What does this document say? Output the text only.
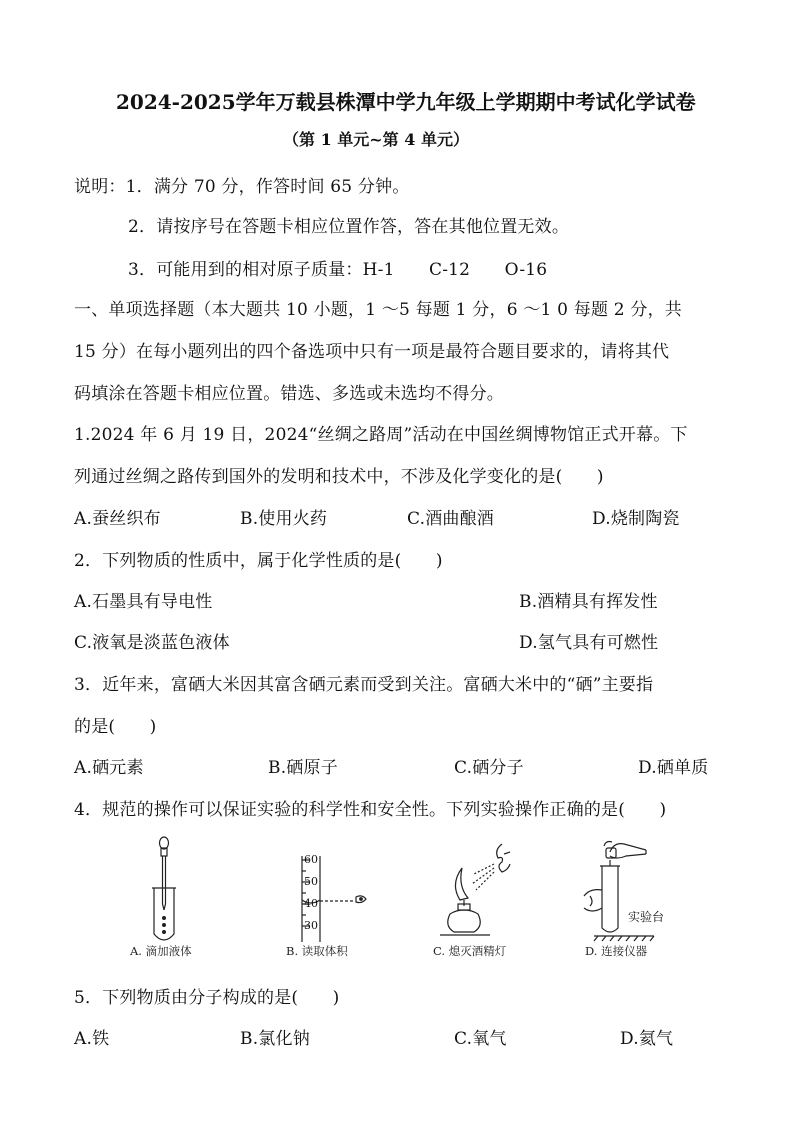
2024-2025学年万载县株潭中学九年级上学期期中考试化学试卷
（第 1 单元~第 4 单元）
说明：1．满分 70 分，作答时间 65 分钟。
2．请按序号在答题卡相应位置作答，答在其他位置无效。
3．可能用到的相对原子质量：H-1　　C-12　　O-16
一、单项选择题（本大题共 10 小题，1 ～5 每题 1 分，6 ～1 0 每题 2 分，共
15 分）在每小题列出的四个备选项中只有一项是最符合题目要求的，请将其代
码填涂在答题卡相应位置。错选、多选或未选均不得分。
1.2024 年 6 月 19 日，2024“丝绸之路周”活动在中国丝绸博物馆正式开幕。下
列通过丝绸之路传到国外的发明和技术中，不涉及化学变化的是(　　)
A.蚕丝织布	B.使用火药	C.酒曲酿酒	D.烧制陶瓷
2．下列物质的性质中，属于化学性质的是(　　)
A.石墨具有导电性	B.酒精具有挥发性
C.液氧是淡蓝色液体	D.氢气具有可燃性
3．近年来，富硒大米因其富含硒元素而受到关注。富硒大米中的“硒”主要指
的是(　　)
A.硒元素	B.硒原子	C.硒分子	D.硒单质
4．规范的操作可以保证实验的科学性和安全性。下列实验操作正确的是(　　)
A. 滴加液体
60
50
40
30
B. 读取体积	C. 熄灭酒精灯
实验台
D. 连接仪器
5．下列物质由分子构成的是(　　)
A.铁	B.氯化钠	C.氧气	D.氦气
